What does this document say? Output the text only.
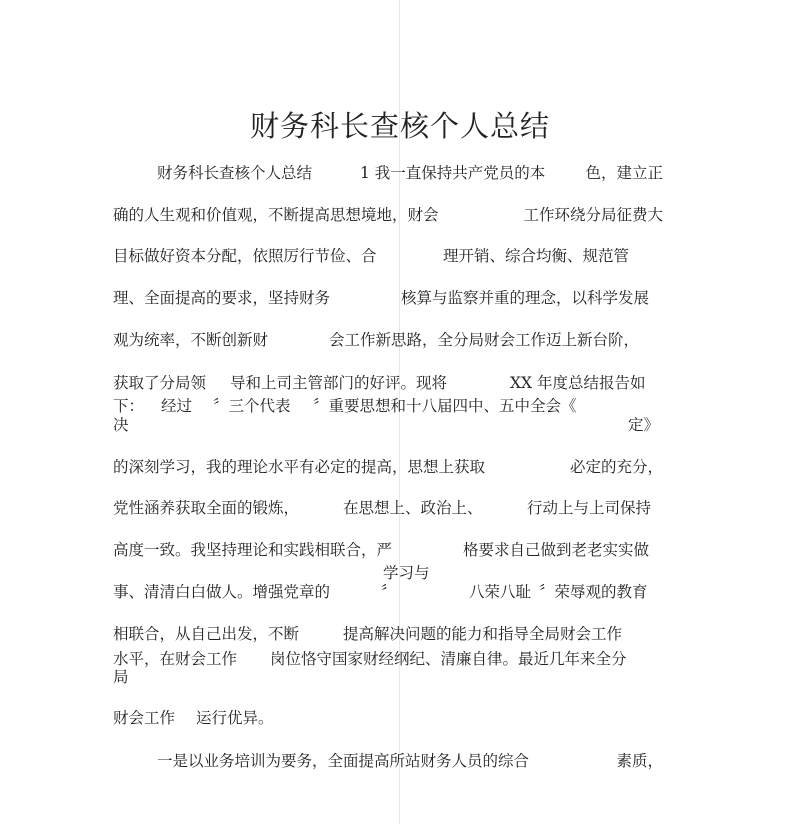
财务科长查核个人总结
财务科长查核个人总结	1 我一直保持共产党员的本	色，建立正
确的人生观和价值观，不断提高思想境地，财会	工作环绕分局征费大
目标做好资本分配，依照厉行节俭、合	理开销、综合均衡、规范管
理、全面提高的要求，坚持财务	核算与监察并重的理念，以科学发展
观为统率，不断创新财	会工作新思路，全分局财会工作迈上新台阶，
获取了分局领 导和上司主管部门的好评。现将	XX 年度总结报告如
下： 经过 〞三个代表 〞重要思想和十八届四中、五中全会《
决	定》
的深刻学习，我的理论水平有必定的提高，思想上获取	必定的充分，
党性涵养获取全面的锻炼，	在思想上、政治上、	行动上与上司保持
高度一致。我坚持理论和实践相联合，严	格要求自己做到老老实实做
学习与
事、清清白白做人。增强党章的	〞	八荣八耻 〞荣辱观的教育
相联合，从自己出发，不断	提高解决问题的能力和指导全局财会工作
水平，在财会工作 岗位恪守国家财经纲纪、清廉自律。最近几年来全分
局
财会工作 运行优异。
一是以业务培训为要务，全面提高所站财务人员的综合	素质，
